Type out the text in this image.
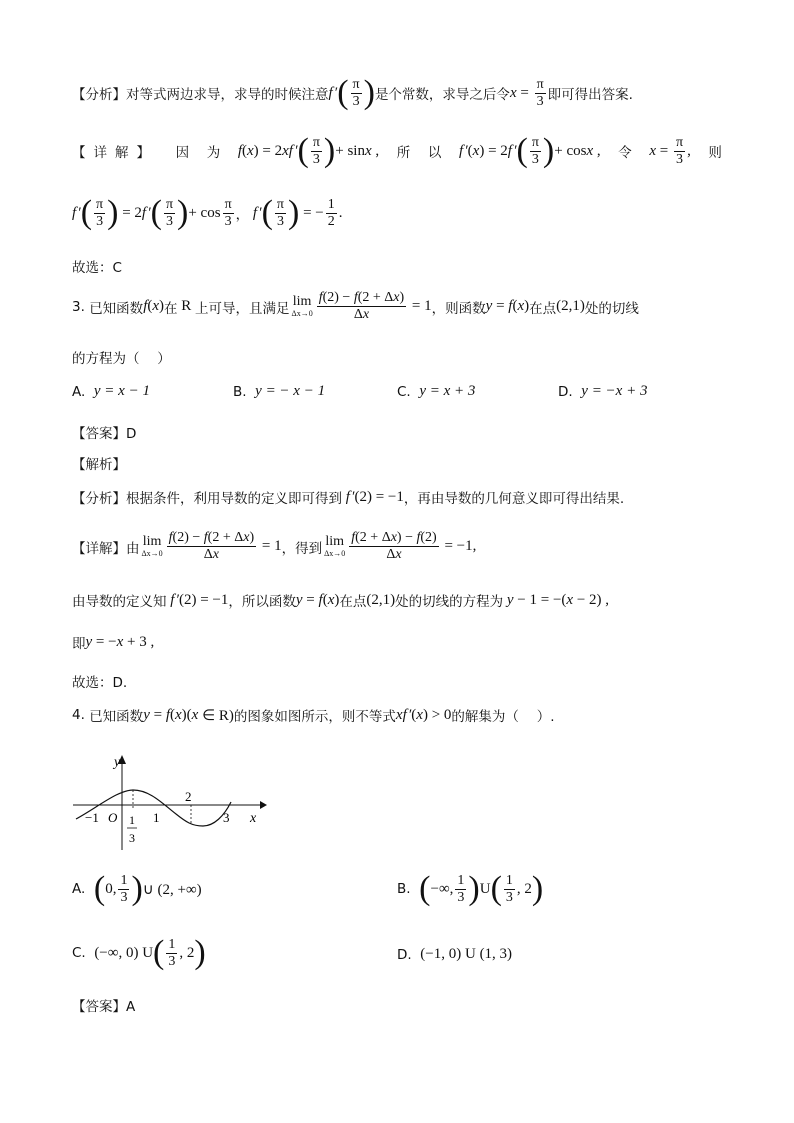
【分析】 对等式两边求导，求导的时候注意 f ′ ( $\frac{\pi}{3}$ ) 是个常数，求导之后令 $x = \frac{\pi}{3}$ 即可得出答案.
【详解】 因 为 f ( x ) = 2 xf ′ ( $\frac{\pi}{3}$ ) + sin x , 所 以 f ′ ( x ) = 2 f ′ ( $\frac{\pi}{3}$ ) + cos x , 令 $x = \frac{\pi}{3}$ , 则
f ′ ( $\frac{\pi}{3}$ ) = 2 f ′ ( $\frac{\pi}{3}$ ) + $\cos \frac{\pi}{3}$ ， f ′ ( $\frac{\pi}{3}$ ) = − $\frac{1}{2}$ .
故选：C
3.
已知函数 f ( x ) 在 R 上可导，且满足 lim
$\Delta x\to 0 \frac{f(2) - f(2 + \Delta x)}{\Delta x} = 1$ ，则函数 y = f ( x ) 在点 (2,1) 处的切线
的方程为（　 ）
A.
y = x − 1	B.
y = − x − 1	C.
y = x + 3	D.
y = −x + 3
【答案】D
【解析】
【分析】 根据条件，利用导数的定义即可得到 f ′ (2) = −1 ，再由导数的几何意义即可得出结果.
【详解】 由 lim
$\Delta x\to 0 \frac{f(2) - f(2 + \Delta x)}{\Delta x} = 1$ ，得到 lim
$\Delta x\to 0 \frac{f(2 + \Delta x) - f(2)}{\Delta x} = -1$,
由导数的定义知 f ′ (2) = −1 ，所以函数 y = f ( x ) 在点 (2,1) 处的切线的方程为 y − 1 = −( x − 2) ,
即 y = − x + 3 ,
故选：D.
4.
已知函数 y = f ( x )( x ∈ R) 的图象如图所示，则不等式 xf ′ ( x ) > 0 的解集为（　 ）.
y
x
−1 O 1
3
1
2
3
A.
( 0, $\frac{1}{3}$ ) ∪ (2, +∞)	B.
( −∞, $\frac{1}{3}$ ) U ( $\frac{1}{3}$ , 2 )
C.
(−∞, 0) U ( $\frac{1}{3}$ , 2 )	D.
(−1, 0) U (1, 3)
【答案】A
